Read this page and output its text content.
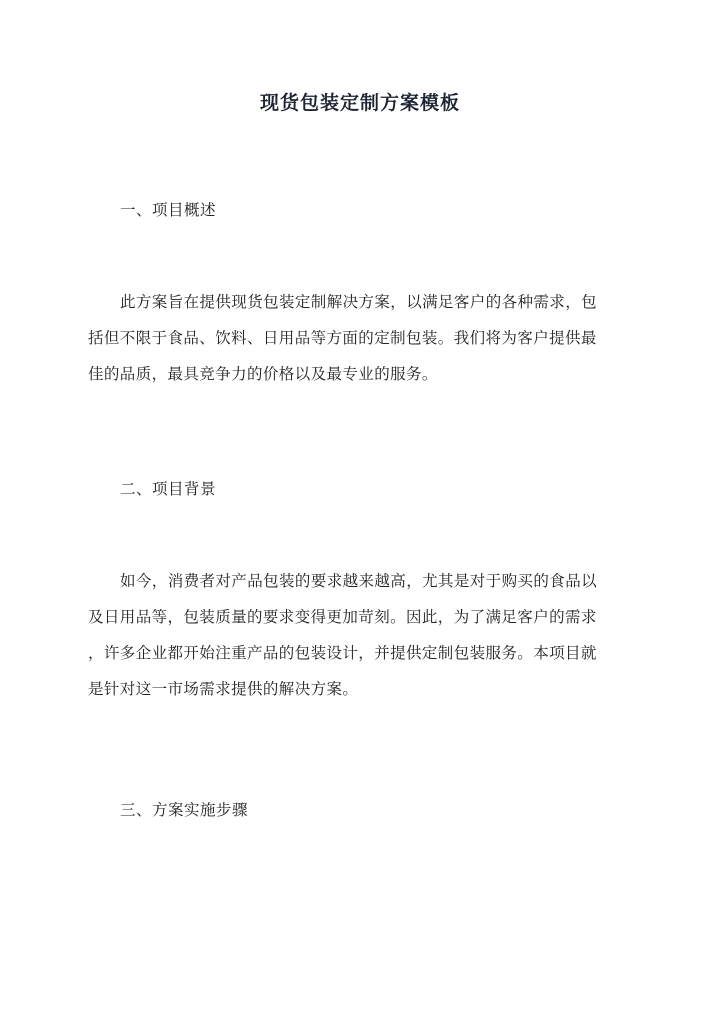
现货包装定制方案模板
一、项目概述
此方案旨在提供现货包装定制解决方案，以满足客户的各种需求，包
括但不限于食品、饮料、日用品等方面的定制包装。我们将为客户提供最
佳的品质，最具竞争力的价格以及最专业的服务。
二、项目背景
如今，消费者对产品包装的要求越来越高，尤其是对于购买的食品以
及日用品等，包装质量的要求变得更加苛刻。因此，为了满足客户的需求
，许多企业都开始注重产品的包装设计，并提供定制包装服务。本项目就
是针对这一市场需求提供的解决方案。
三、方案实施步骤
